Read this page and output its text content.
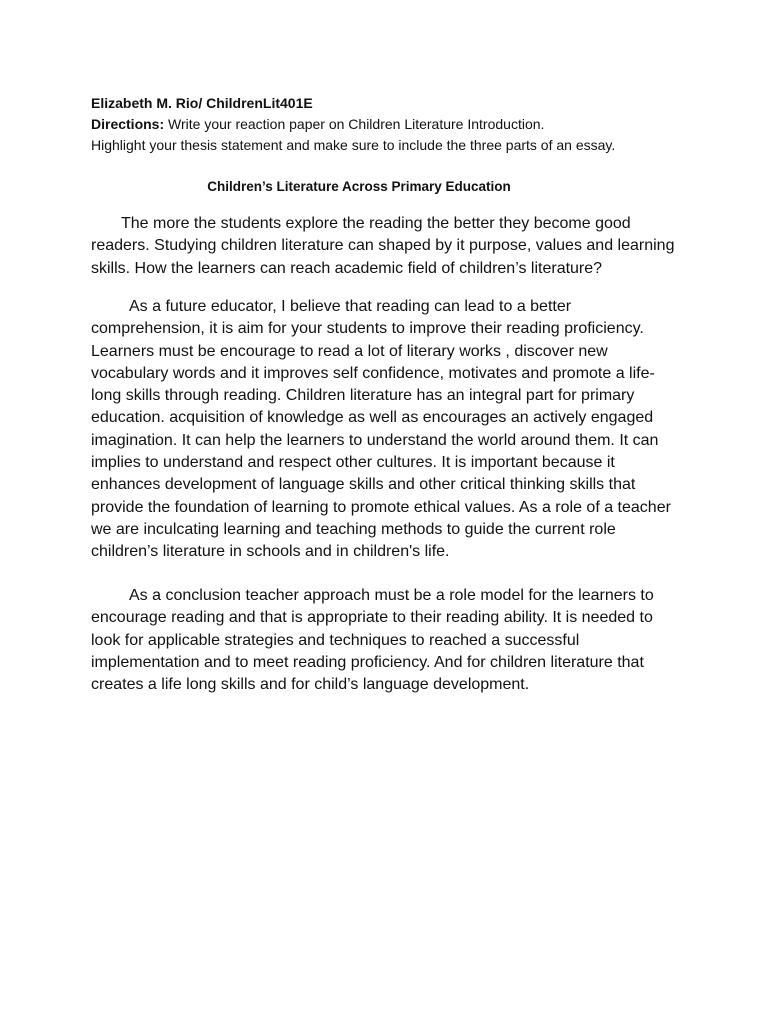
Elizabeth M. Rio/ ChildrenLit401E
Directions: Write your reaction paper on Children Literature Introduction.
Highlight your thesis statement and make sure to include the three parts of an essay.
Children’s Literature Across Primary Education
The more the students explore the reading the better they become good readers. Studying children literature can shaped by it purpose, values and learning skills. How the learners can reach academic field of children’s literature?
As a future educator, I believe that reading can lead to a better comprehension, it is aim for your students to improve their reading proficiency. Learners must be encourage to read a lot of literary works , discover new vocabulary words and it improves self confidence, motivates and promote a life-long skills through reading. Children literature has an integral part for primary education. acquisition of knowledge as well as encourages an actively engaged imagination. It can help the learners to understand the world around them. It can implies to understand and respect other cultures. It is important because it enhances development of language skills and other critical thinking skills that provide the foundation of learning to promote ethical values. As a role of a teacher we are inculcating learning and teaching methods to guide the current role children’s literature in schools and in children's life.
As a conclusion teacher approach must be a role model for the learners to encourage reading and that is appropriate to their reading ability. It is needed to look for applicable strategies and techniques to reached a successful implementation and to meet reading proficiency. And for children literature that creates a life long skills and for child’s language development.
